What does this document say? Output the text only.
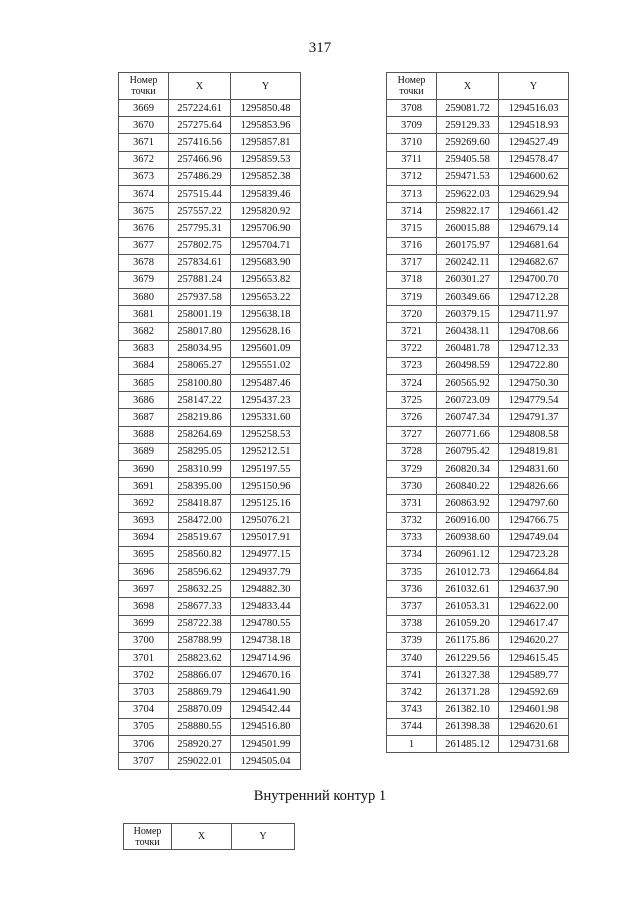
317
Номер
точки	X	Y
3669	257224.61	1295850.48
3670	257275.64	1295853.96
3671	257416.56	1295857.81
3672	257466.96	1295859.53
3673	257486.29	1295852.38
3674	257515.44	1295839.46
3675	257557.22	1295820.92
3676	257795.31	1295706.90
3677	257802.75	1295704.71
3678	257834.61	1295683.90
3679	257881.24	1295653.82
3680	257937.58	1295653.22
3681	258001.19	1295638.18
3682	258017.80	1295628.16
3683	258034.95	1295601.09
3684	258065.27	1295551.02
3685	258100.80	1295487.46
3686	258147.22	1295437.23
3687	258219.86	1295331.60
3688	258264.69	1295258.53
3689	258295.05	1295212.51
3690	258310.99	1295197.55
3691	258395.00	1295150.96
3692	258418.87	1295125.16
3693	258472.00	1295076.21
3694	258519.67	1295017.91
3695	258560.82	1294977.15
3696	258596.62	1294937.79
3697	258632.25	1294882.30
3698	258677.33	1294833.44
3699	258722.38	1294780.55
3700	258788.99	1294738.18
3701	258823.62	1294714.96
3702	258866.07	1294670.16
3703	258869.79	1294641.90
3704	258870.09	1294542.44
3705	258880.55	1294516.80
3706	258920.27	1294501.99
3707	259022.01	1294505.04
Номер
точки	X	Y
3708	259081.72	1294516.03
3709	259129.33	1294518.93
3710	259269.60	1294527.49
3711	259405.58	1294578.47
3712	259471.53	1294600.62
3713	259622.03	1294629.94
3714	259822.17	1294661.42
3715	260015.88	1294679.14
3716	260175.97	1294681.64
3717	260242.11	1294682.67
3718	260301.27	1294700.70
3719	260349.66	1294712.28
3720	260379.15	1294711.97
3721	260438.11	1294708.66
3722	260481.78	1294712.33
3723	260498.59	1294722.80
3724	260565.92	1294750.30
3725	260723.09	1294779.54
3726	260747.34	1294791.37
3727	260771.66	1294808.58
3728	260795.42	1294819.81
3729	260820.34	1294831.60
3730	260840.22	1294826.66
3731	260863.92	1294797.60
3732	260916.00	1294766.75
3733	260938.60	1294749.04
3734	260961.12	1294723.28
3735	261012.73	1294664.84
3736	261032.61	1294637.90
3737	261053.31	1294622.00
3738	261059.20	1294617.47
3739	261175.86	1294620.27
3740	261229.56	1294615.45
3741	261327.38	1294589.77
3742	261371.28	1294592.69
3743	261382.10	1294601.98
3744	261398.38	1294620.61
1	261485.12	1294731.68
Внутренний контур 1
Номер
точки	X	Y
